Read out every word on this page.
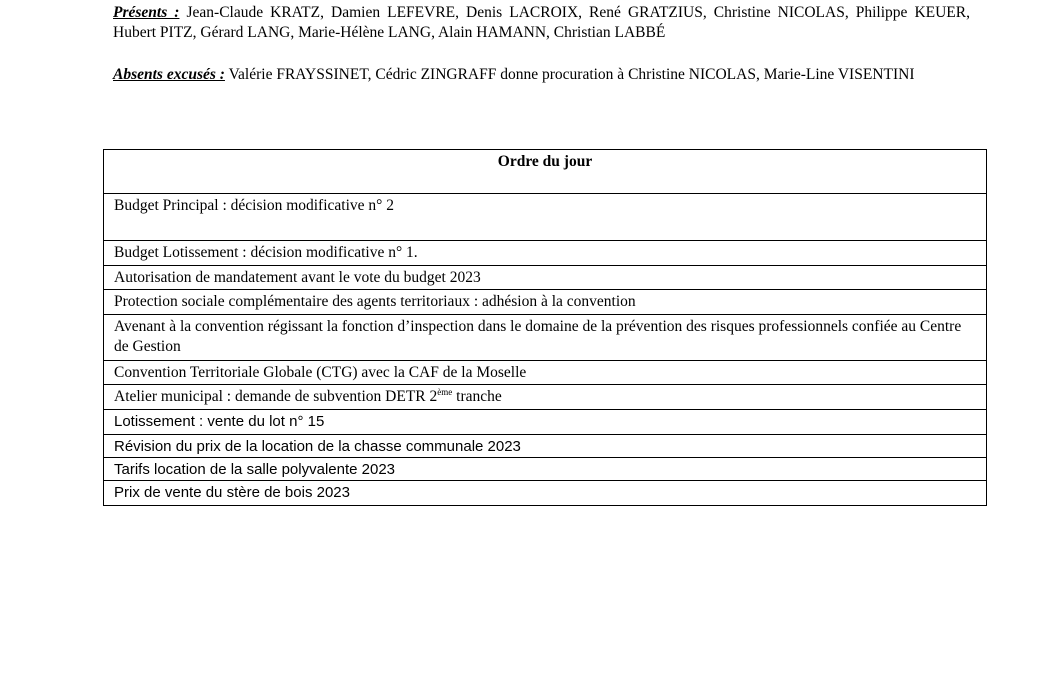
Présents : Jean-Claude KRATZ, Damien LEFEVRE, Denis LACROIX, René GRATZIUS, Christine NICOLAS, Philippe KEUER, Hubert PITZ, Gérard LANG, Marie-Hélène LANG, Alain HAMANN, Christian LABBÉ
Absents excusés : Valérie FRAYSSINET, Cédric ZINGRAFF donne procuration à Christine NICOLAS, Marie-Line VISENTINI
Ordre du jour
Budget Principal : décision modificative n° 2
Budget Lotissement : décision modificative n° 1.
Autorisation de mandatement avant le vote du budget 2023
Protection sociale complémentaire des agents territoriaux : adhésion à la convention
Avenant à la convention régissant la fonction d’inspection dans le domaine de la prévention des risques professionnels confiée au Centre de Gestion
Convention Territoriale Globale (CTG) avec la CAF de la Moselle
Atelier municipal : demande de subvention DETR 2ème tranche
Lotissement : vente du lot n° 15
Révision du prix de la location de la chasse communale 2023
Tarifs location de la salle polyvalente 2023
Prix de vente du stère de bois 2023
